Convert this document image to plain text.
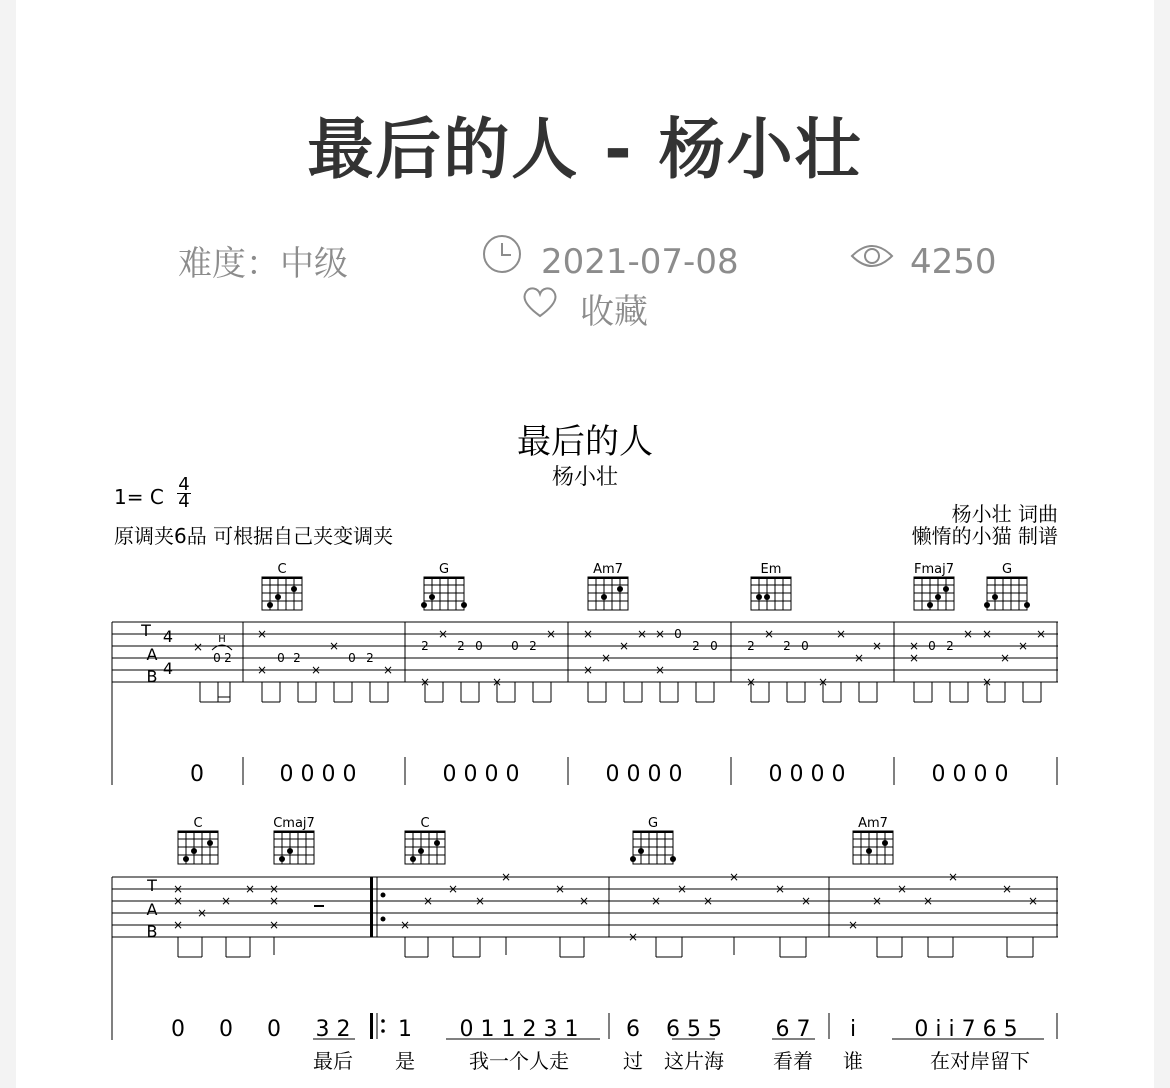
最后的人 - 杨小壮
难度：中级	2021-07-08	4250
收藏
最后的人
杨小壮
1= C
4
4
原调夹6品 可根据自己夹变调夹
杨小壮 词曲
懒惰的小猫 制谱
T
A
B
4
4
H
×
0 2
×
×
0 2
×
×
0 2
×
2
×
×
2 0
×
0 2
× ×
×
×
×
× ×
×
0
2 0 2
×
×
2 0
×
×
×
× ×
×
0 2
×
×
×
×
×
×
0	0 0 0 0	0 0 0 0	0 0 0 0	0 0 0 0	0 0 0 0
C	G	Am7	Em	Fmaj7	G
T
A
B
×
×
×
×
×
× ×
×
×	×
×
×
×
×
×
×
×
×
×
×
×
×
×
×
×
×
×
×
×
×
0 0 0 3 2 1 0 1 1 2 3 1 6 6 5 5 6 7 i	0 i i 7 6 5
最后 是	我一个人走	过 这片海 看着 谁	在对岸留下
C	Cmaj7	C	G	Am7
